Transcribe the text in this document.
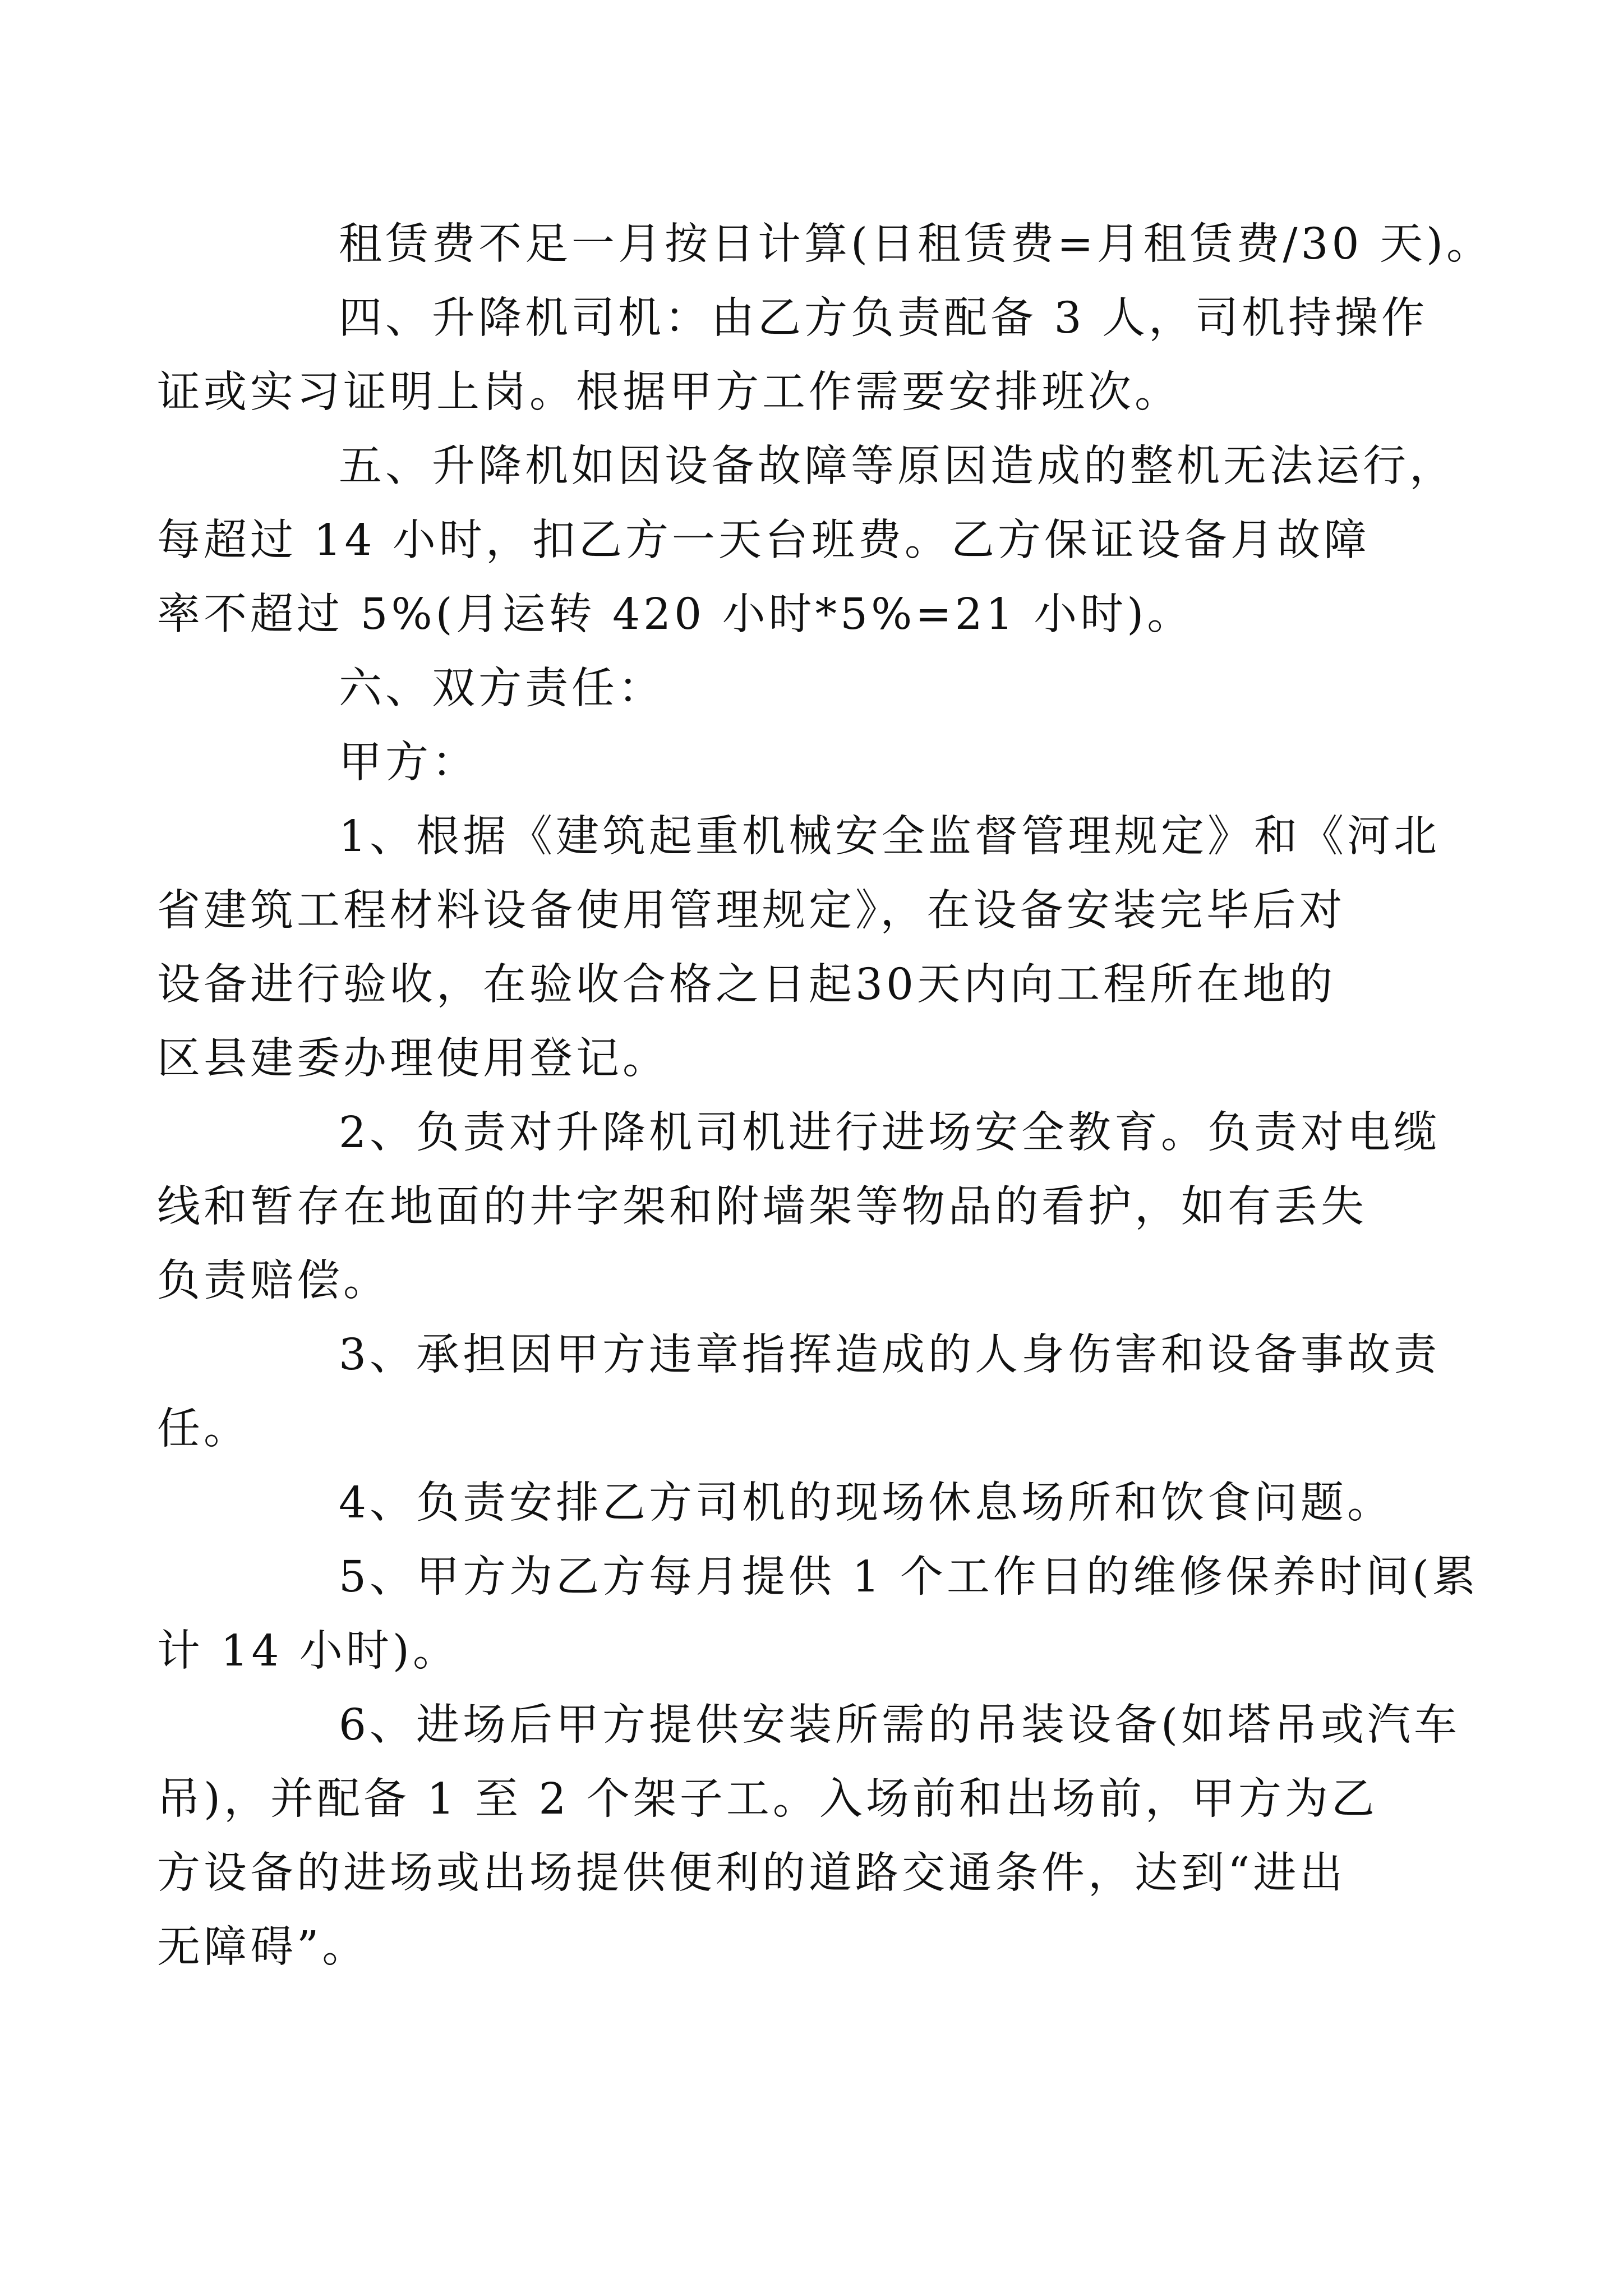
租赁费不足一月按日计算(日租赁费=月租赁费/30 天)。

四、升降机司机：由乙方负责配备 3 人，司机持操作
证或实习证明上岗。根据甲方工作需要安排班次。

五、升降机如因设备故障等原因造成的整机无法运行，
每超过 14 小时，扣乙方一天台班费。乙方保证设备月故障
率不超过 5%(月运转 420 小时*5%=21 小时)。

六、双方责任：

甲方：

1、根据《建筑起重机械安全监督管理规定》和《河北
省建筑工程材料设备使用管理规定》，在设备安装完毕后对
设备进行验收，在验收合格之日起30天内向工程所在地的
区县建委办理使用登记。

2、负责对升降机司机进行进场安全教育。负责对电缆
线和暂存在地面的井字架和附墙架等物品的看护，如有丢失
负责赔偿。

3、承担因甲方违章指挥造成的人身伤害和设备事故责
任。

4、负责安排乙方司机的现场休息场所和饮食问题。

5、甲方为乙方每月提供 1 个工作日的维修保养时间(累
计 14 小时)。

6、进场后甲方提供安装所需的吊装设备(如塔吊或汽车
吊)，并配备 1 至 2 个架子工。入场前和出场前，甲方为乙
方设备的进场或出场提供便利的道路交通条件，达到“进出
无障碍”。
